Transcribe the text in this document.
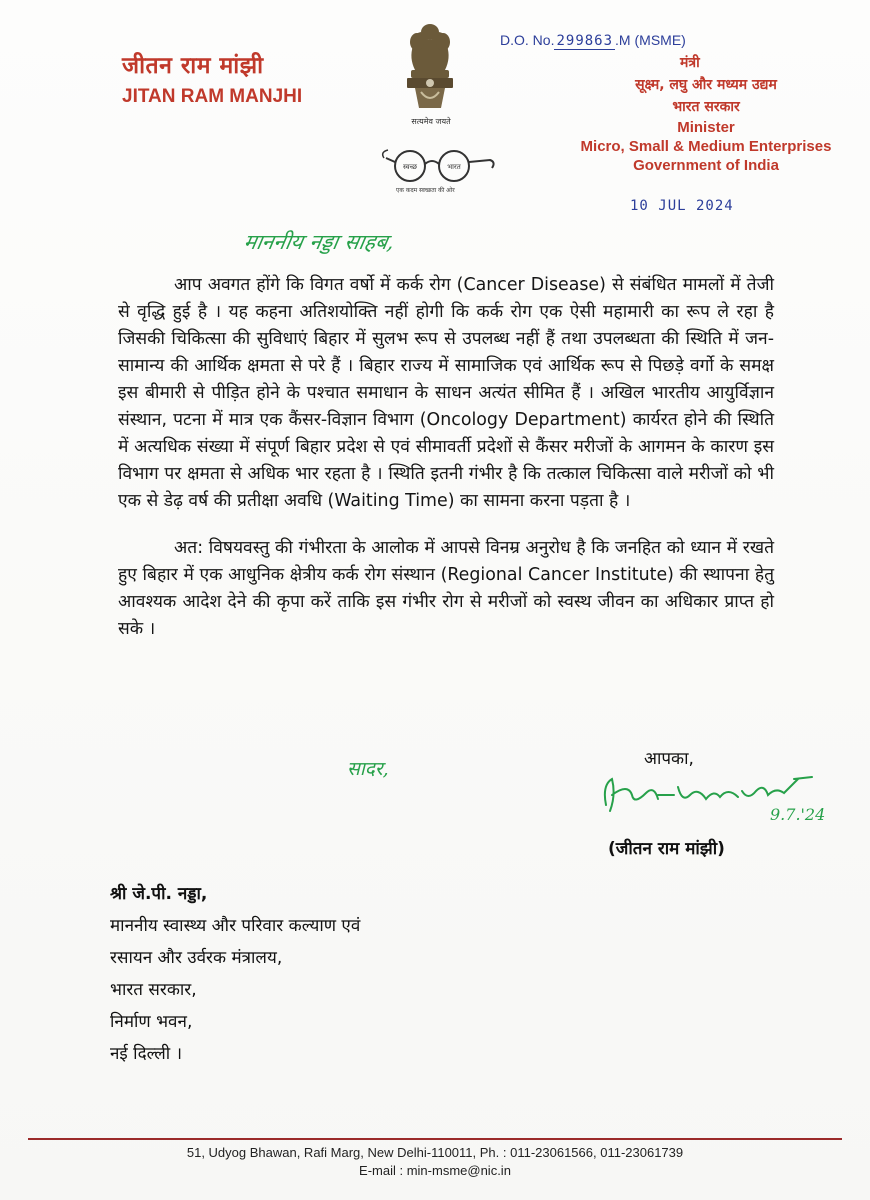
जीतन राम मांझी
JITAN RAM MANJHI
सत्यमेव जयते
स्वच्छ	भारत
एक कदम स्वच्छता की ओर
D.O. No. 299863 .M (MSME)
मंत्री
सूक्ष्म, लघु और मध्यम उद्यम
भारत सरकार
Minister
Micro, Small & Medium Enterprises
Government of India
10 JUL 2024
माननीय नड्डा साहब,

आप अवगत होंगे कि विगत वर्षो में कर्क रोग (Cancer Disease) से संबंधित मामलों में तेजी से वृद्धि हुई है । यह कहना अतिशयोक्ति नहीं होगी कि कर्क रोग एक ऐसी महामारी का रूप ले रहा है जिसकी चिकित्सा की सुविधाएं बिहार में सुलभ रूप से उपलब्ध नहीं हैं तथा उपलब्धता की स्थिति में जन-सामान्य की आर्थिक क्षमता से परे हैं । बिहार राज्य में सामाजिक एवं आर्थिक रूप से पिछड़े वर्गो के समक्ष इस बीमारी से पीड़ित होने के पश्चात समाधान के साधन अत्यंत सीमित हैं । अखिल भारतीय आयुर्विज्ञान संस्थान, पटना में मात्र एक कैंसर-विज्ञान विभाग (Oncology Department) कार्यरत होने की स्थिति में अत्यधिक संख्या में संपूर्ण बिहार प्रदेश से एवं सीमावर्ती प्रदेशों से कैंसर मरीजों के आगमन के कारण इस विभाग पर क्षमता से अधिक भार रहता है । स्थिति इतनी गंभीर है कि तत्काल चिकित्सा वाले मरीजों को भी एक से डेढ़ वर्ष की प्रतीक्षा अवधि (Waiting Time) का सामना करना पड़ता है ।

अत: विषयवस्तु की गंभीरता के आलोक में आपसे विनम्र अनुरोध है कि जनहित को ध्यान में रखते हुए बिहार में एक आधुनिक क्षेत्रीय कर्क रोग संस्थान (Regional Cancer Institute) की स्थापना हेतु आवश्यक आदेश देने की कृपा करें ताकि इस गंभीर रोग से मरीजों को स्वस्थ जीवन का अधिकार प्राप्त हो सके ।

सादर,	आपका,
9.7.'24
(जीतन राम मांझी)
श्री जे.पी. नड्डा,
माननीय स्वास्थ्य और परिवार कल्याण एवं
रसायन और उर्वरक मंत्रालय,
भारत सरकार,
निर्माण भवन,
नई दिल्ली ।
51, Udyog Bhawan, Rafi Marg, New Delhi-110011, Ph. : 011-23061566, 011-23061739
E-mail : min-msme@nic.in
